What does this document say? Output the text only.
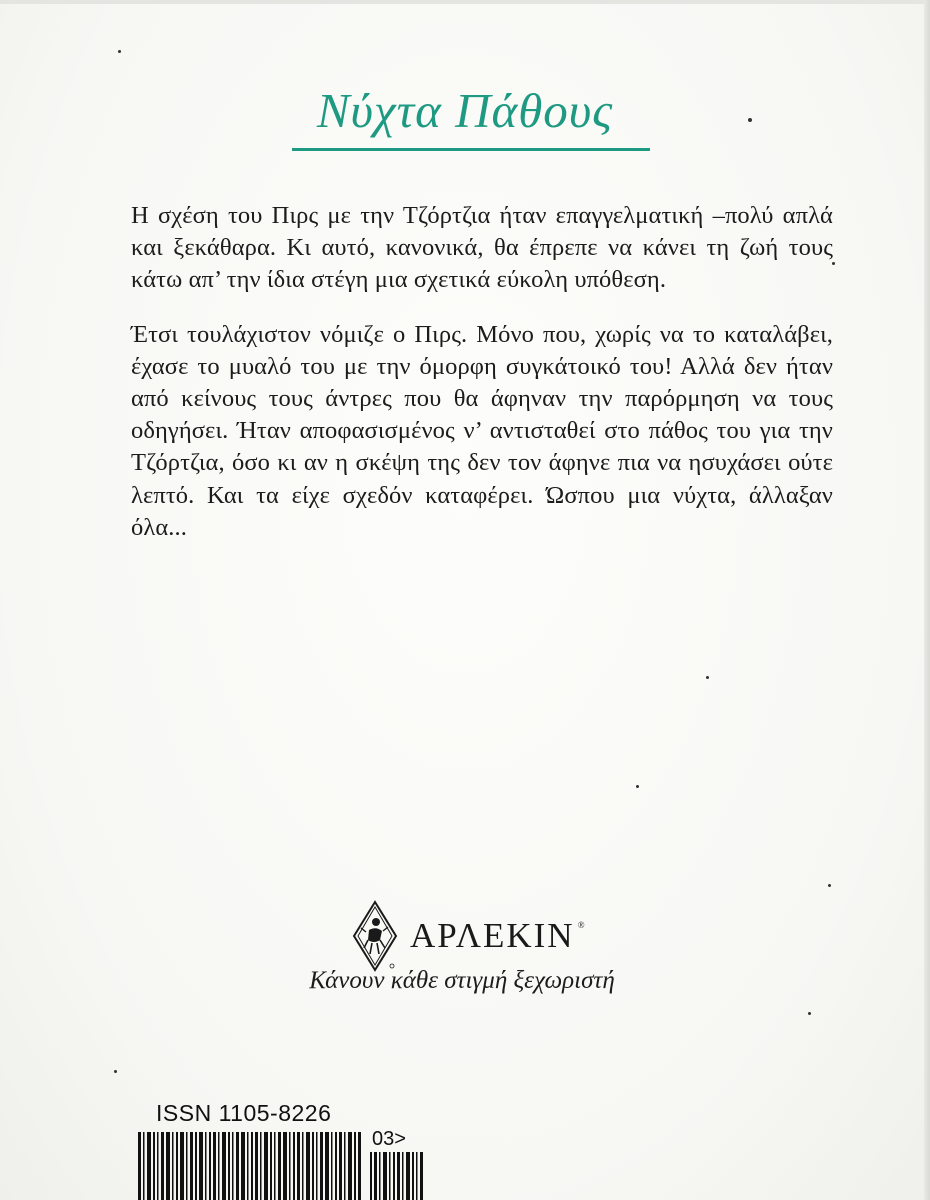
Νύχτα Πάθους

Η σχέση του Πιρς με την Τζόρτζια ήταν επαγγελματική –πολύ απλά και ξεκάθαρα. Κι αυτό, κανονικά, θα έπρεπε να κάνει τη ζωή τους κάτω απ’ την ίδια στέγη μια σχετικά εύκολη υπόθεση.

Έτσι τουλάχιστον νόμιζε ο Πιρς. Μόνο που, χωρίς να το καταλάβει, έχασε το μυαλό του με την όμορφη συγκάτοικό του! Αλλά δεν ήταν από κείνους τους άντρες που θα άφηναν την παρόρμηση να τους οδηγήσει. Ήταν αποφασισμένος ν’ αντισταθεί στο πάθος του για την Τζόρτζια, όσο κι αν η σκέψη της δεν τον άφηνε πια να ησυχάσει ούτε λεπτό. Και τα είχε σχεδόν καταφέρει. Ώσπου μια νύχτα, άλλαξαν όλα...

ΑΡΛΕΚΙΝ ®
Κάνουν κάθε στιγμή ξεχωριστή
ISSN 1105-8226
03>
